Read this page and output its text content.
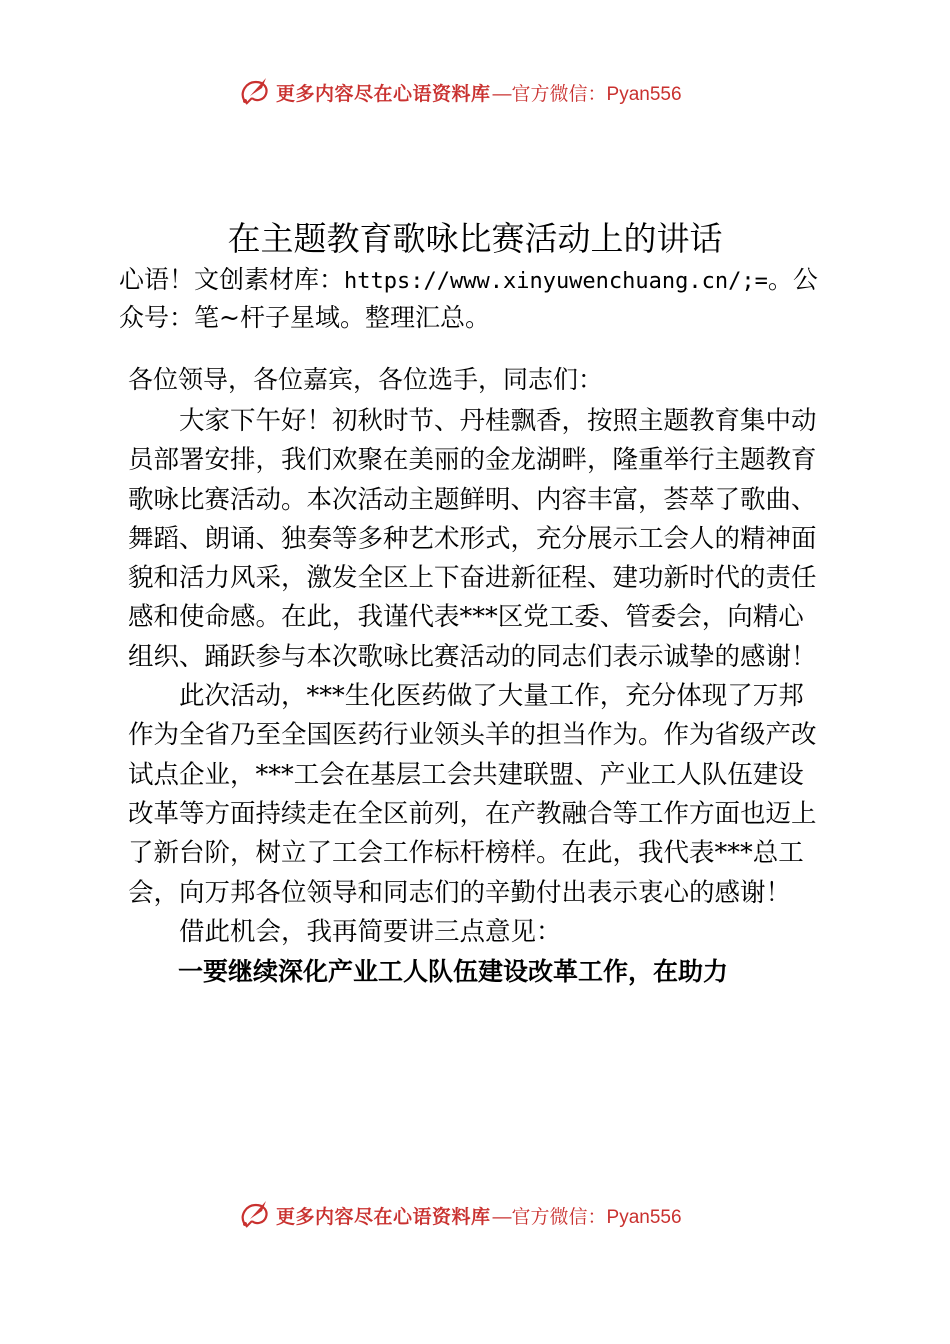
更多内容尽在心语资料库 —官方微信：Pyan556
在主题教育歌咏比赛活动上的讲话
心语！文创素材库：https://www.xinyuwenchuang.cn/;=。公众号：笔~杆子星域。整理汇总。
各位领导，各位嘉宾，各位选手，同志们：

大家下午好！初秋时节、丹桂飘香，按照主题教育集中动员部署安排，我们欢聚在美丽的金龙湖畔，隆重举行主题教育歌咏比赛活动。本次活动主题鲜明、内容丰富，荟萃了歌曲、舞蹈、朗诵、独奏等多种艺术形式，充分展示工会人的精神面貌和活力风采，激发全区上下奋进新征程、建功新时代的责任感和使命感。在此，我谨代表***区党工委、管委会，向精心组织、踊跃参与本次歌咏比赛活动的同志们表示诚挚的感谢！

此次活动，***生化医药做了大量工作，充分体现了万邦作为全省乃至全国医药行业领头羊的担当作为。作为省级产改试点企业，***工会在基层工会共建联盟、产业工人队伍建设改革等方面持续走在全区前列，在产教融合等工作方面也迈上了新台阶，树立了工会工作标杆榜样。在此，我代表***总工会，向万邦各位领导和同志们的辛勤付出表示衷心的感谢！

借此机会，我再简要讲三点意见：

一要继续深化产业工人队伍建设改革工作，在助力

更多内容尽在心语资料库 —官方微信：Pyan556
